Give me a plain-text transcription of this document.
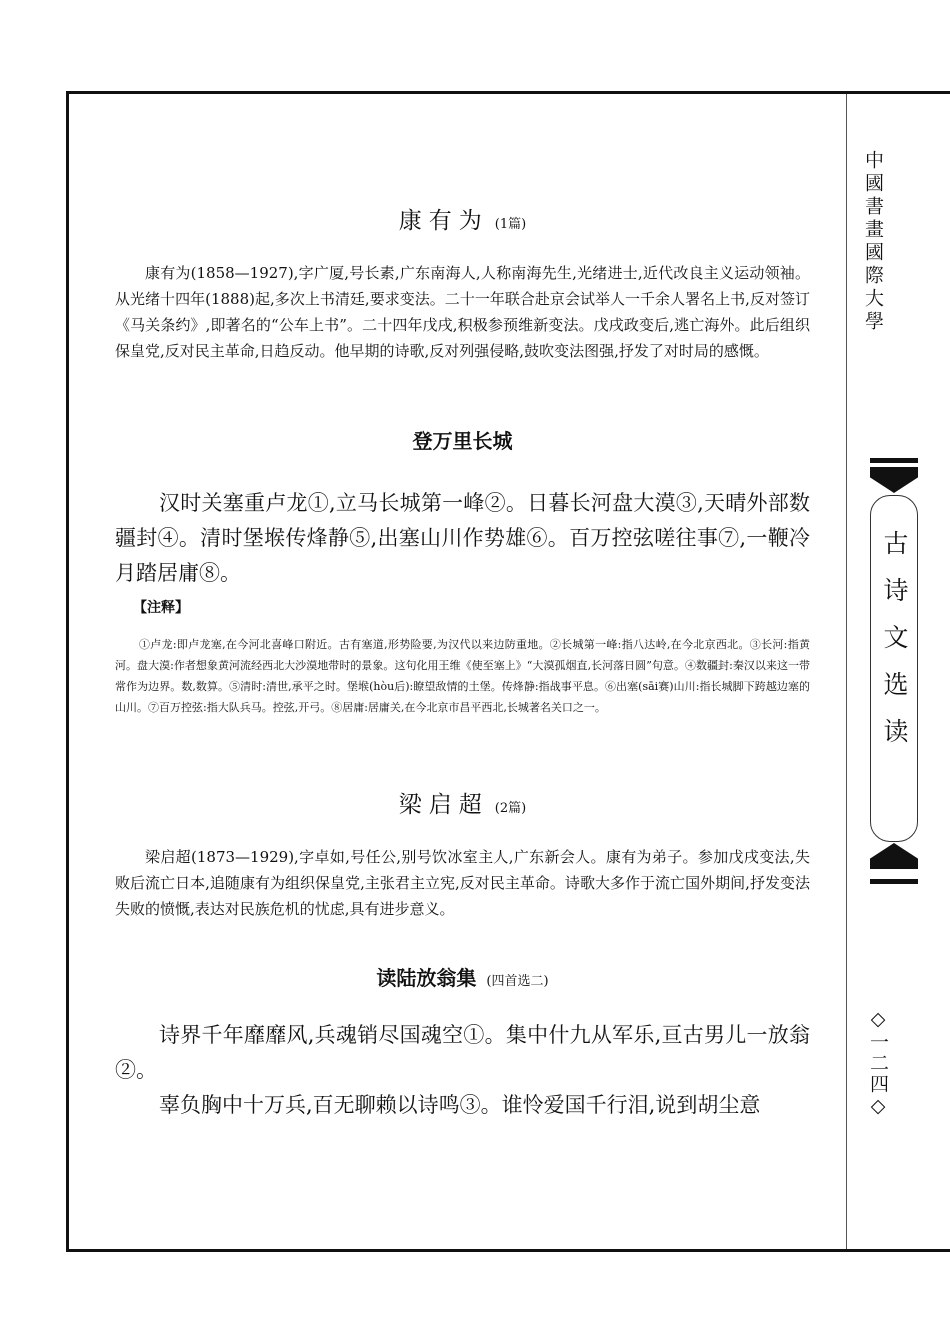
康有为 (1篇)
康有为(1858—1927),字广厦,号长素,广东南海人,人称南海先生,光绪进士,近代改良主义运动领袖。从光绪十四年(1888)起,多次上书清廷,要求变法。二十一年联合赴京会试举人一千余人署名上书,反对签订《马关条约》,即著名的“公车上书”。二十四年戊戌,积极参预维新变法。戊戌政变后,逃亡海外。此后组织保皇党,反对民主革命,日趋反动。他早期的诗歌,反对列强侵略,鼓吹变法图强,抒发了对时局的感慨。
登万里长城
汉时关塞重卢龙①,立马长城第一峰②。日暮长河盘大漠③,天晴外部数疆封④。清时堡堠传烽静⑤,出塞山川作势雄⑥。百万控弦嗟往事⑦,一鞭冷月踏居庸⑧。
【注释】
①卢龙:即卢龙塞,在今河北喜峰口附近。古有塞道,形势险要,为汉代以来边防重地。②长城第一峰:指八达岭,在今北京西北。③长河:指黄河。盘大漠:作者想象黄河流经西北大沙漠地带时的景象。这句化用王维《使至塞上》“大漠孤烟直,长河落日圆”句意。④数疆封:秦汉以来这一带常作为边界。数,数算。⑤清时:清世,承平之时。堡堠(hòu后):瞭望敌情的土堡。传烽静:指战事平息。⑥出塞(sāi赛)山川:指长城脚下跨越边塞的山川。⑦百万控弦:指大队兵马。控弦,开弓。⑧居庸:居庸关,在今北京市昌平西北,长城著名关口之一。
梁启超 (2篇)
梁启超(1873—1929),字卓如,号任公,别号饮冰室主人,广东新会人。康有为弟子。参加戊戌变法,失败后流亡日本,追随康有为组织保皇党,主张君主立宪,反对民主革命。诗歌大多作于流亡国外期间,抒发变法失败的愤慨,表达对民族危机的忧虑,具有进步意义。
读陆放翁集 (四首选二)
诗界千年靡靡风,兵魂销尽国魂空①。集中什九从军乐,亘古男儿一放翁②。
辜负胸中十万兵,百无聊赖以诗鸣③。谁怜爱国千行泪,说到胡尘意
中國書畫國際大學
古诗文选读
◇一二四◇
